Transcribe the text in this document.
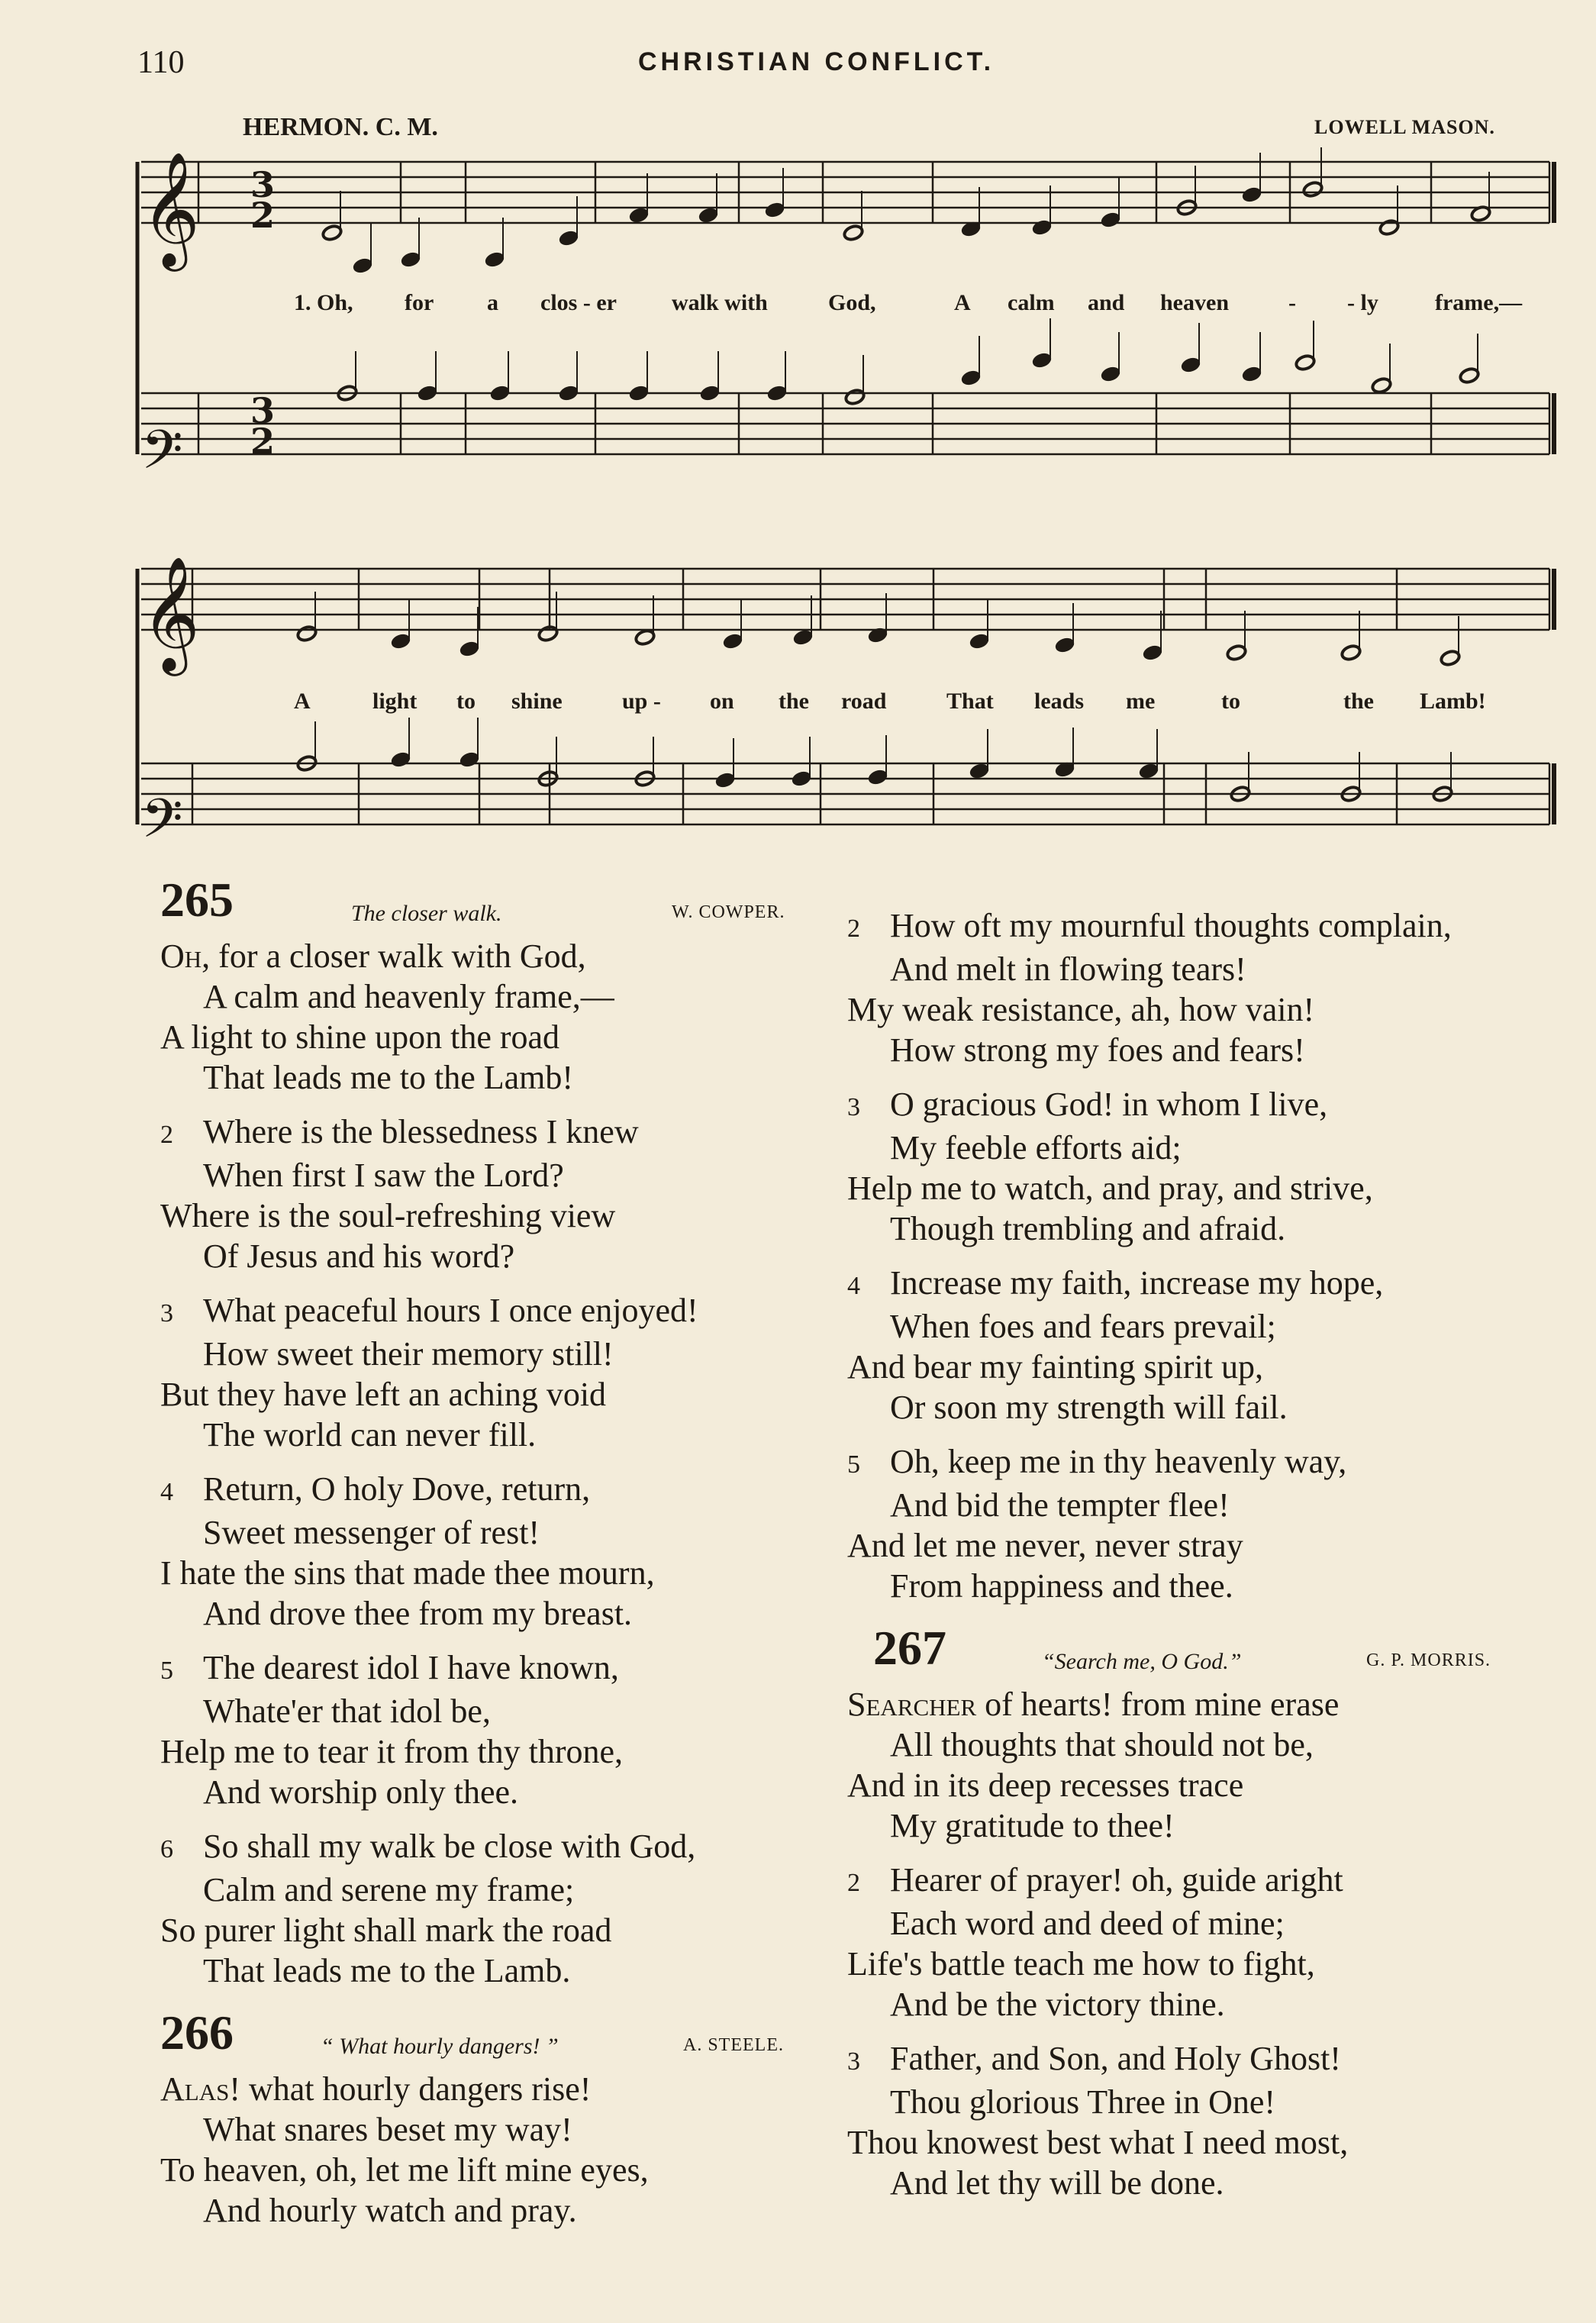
110	CHRISTIAN CONFLICT.
HERMON. C. M.	LOWELL MASON.
𝄞
𝄢
𝄞
𝄢
3
2
3
2
1. Oh, for a clos - er walk with	God,	A calm and heaven	- - ly frame,—
A	light to shine	up - on the road	That leads me	to	the Lamb!
265	The closer walk.	W. COWPER.
Oh, for a closer walk with God,
A calm and heavenly frame,—
A light to shine upon the road
That leads me to the Lamb!
2 Where is the blessedness I knew
When first I saw the Lord?
Where is the soul-refreshing view
Of Jesus and his word?
3 What peaceful hours I once enjoyed!
How sweet their memory still!
But they have left an aching void
The world can never fill.
4 Return, O holy Dove, return,
Sweet messenger of rest!
I hate the sins that made thee mourn,
And drove thee from my breast.
5 The dearest idol I have known,
Whate'er that idol be,
Help me to tear it from thy throne,
And worship only thee.
6 So shall my walk be close with God,
Calm and serene my frame;
So purer light shall mark the road
That leads me to the Lamb.
266	“ What hourly dangers! ”	A. STEELE.
Alas! what hourly dangers rise!
What snares beset my way!
To heaven, oh, let me lift mine eyes,
And hourly watch and pray.
2 How oft my mournful thoughts complain,
And melt in flowing tears!
My weak resistance, ah, how vain!
How strong my foes and fears!
3 O gracious God! in whom I live,
My feeble efforts aid;
Help me to watch, and pray, and strive,
Though trembling and afraid.
4 Increase my faith, increase my hope,
When foes and fears prevail;
And bear my fainting spirit up,
Or soon my strength will fail.
5 Oh, keep me in thy heavenly way,
And bid the tempter flee!
And let me never, never stray
From happiness and thee.
267	“Search me, O God.”	G. P. MORRIS.
Searcher of hearts! from mine erase
All thoughts that should not be,
And in its deep recesses trace
My gratitude to thee!
2 Hearer of prayer! oh, guide aright
Each word and deed of mine;
Life's battle teach me how to fight,
And be the victory thine.
3 Father, and Son, and Holy Ghost!
Thou glorious Three in One!
Thou knowest best what I need most,
And let thy will be done.
